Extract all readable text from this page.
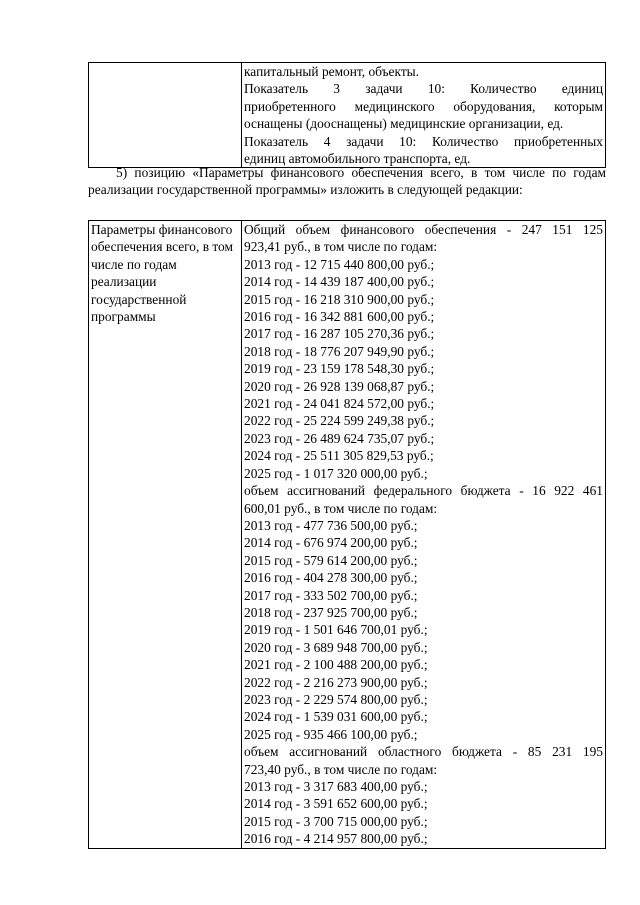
капитальный ремонт, объекты.
Показатель 3 задачи 10: Количество единиц
приобретенного медицинского оборудования, которым
оснащены (дооснащены) медицинские организации, ед.
Показатель 4 задачи 10: Количество приобретенных
единиц автомобильного транспорта, ед.
5) позицию «Параметры финансового обеспечения всего, в том числе по годам реализации государственной программы» изложить в следующей редакции:
Параметры финансового обеспечения всего, в том числе по годам реализации государственной программы

Общий объем финансового обеспечения - 247 151 125
923,41 руб., в том числе по годам:
2013 год - 12 715 440 800,00 руб.;
2014 год - 14 439 187 400,00 руб.;
2015 год - 16 218 310 900,00 руб.;
2016 год - 16 342 881 600,00 руб.;
2017 год - 16 287 105 270,36 руб.;
2018 год - 18 776 207 949,90 руб.;
2019 год - 23 159 178 548,30 руб.;
2020 год - 26 928 139 068,87 руб.;
2021 год - 24 041 824 572,00 руб.;
2022 год - 25 224 599 249,38 руб.;
2023 год - 26 489 624 735,07 руб.;
2024 год - 25 511 305 829,53 руб.;
2025 год - 1 017 320 000,00 руб.;
объем ассигнований федерального бюджета - 16 922 461
600,01 руб., в том числе по годам:
2013 год - 477 736 500,00 руб.;
2014 год - 676 974 200,00 руб.;
2015 год - 579 614 200,00 руб.;
2016 год - 404 278 300,00 руб.;
2017 год - 333 502 700,00 руб.;
2018 год - 237 925 700,00 руб.;
2019 год - 1 501 646 700,01 руб.;
2020 год - 3 689 948 700,00 руб.;
2021 год - 2 100 488 200,00 руб.;
2022 год - 2 216 273 900,00 руб.;
2023 год - 2 229 574 800,00 руб.;
2024 год - 1 539 031 600,00 руб.;
2025 год - 935 466 100,00 руб.;
объем ассигнований областного бюджета - 85 231 195
723,40 руб., в том числе по годам:
2013 год - 3 317 683 400,00 руб.;
2014 год - 3 591 652 600,00 руб.;
2015 год - 3 700 715 000,00 руб.;
2016 год - 4 214 957 800,00 руб.;
